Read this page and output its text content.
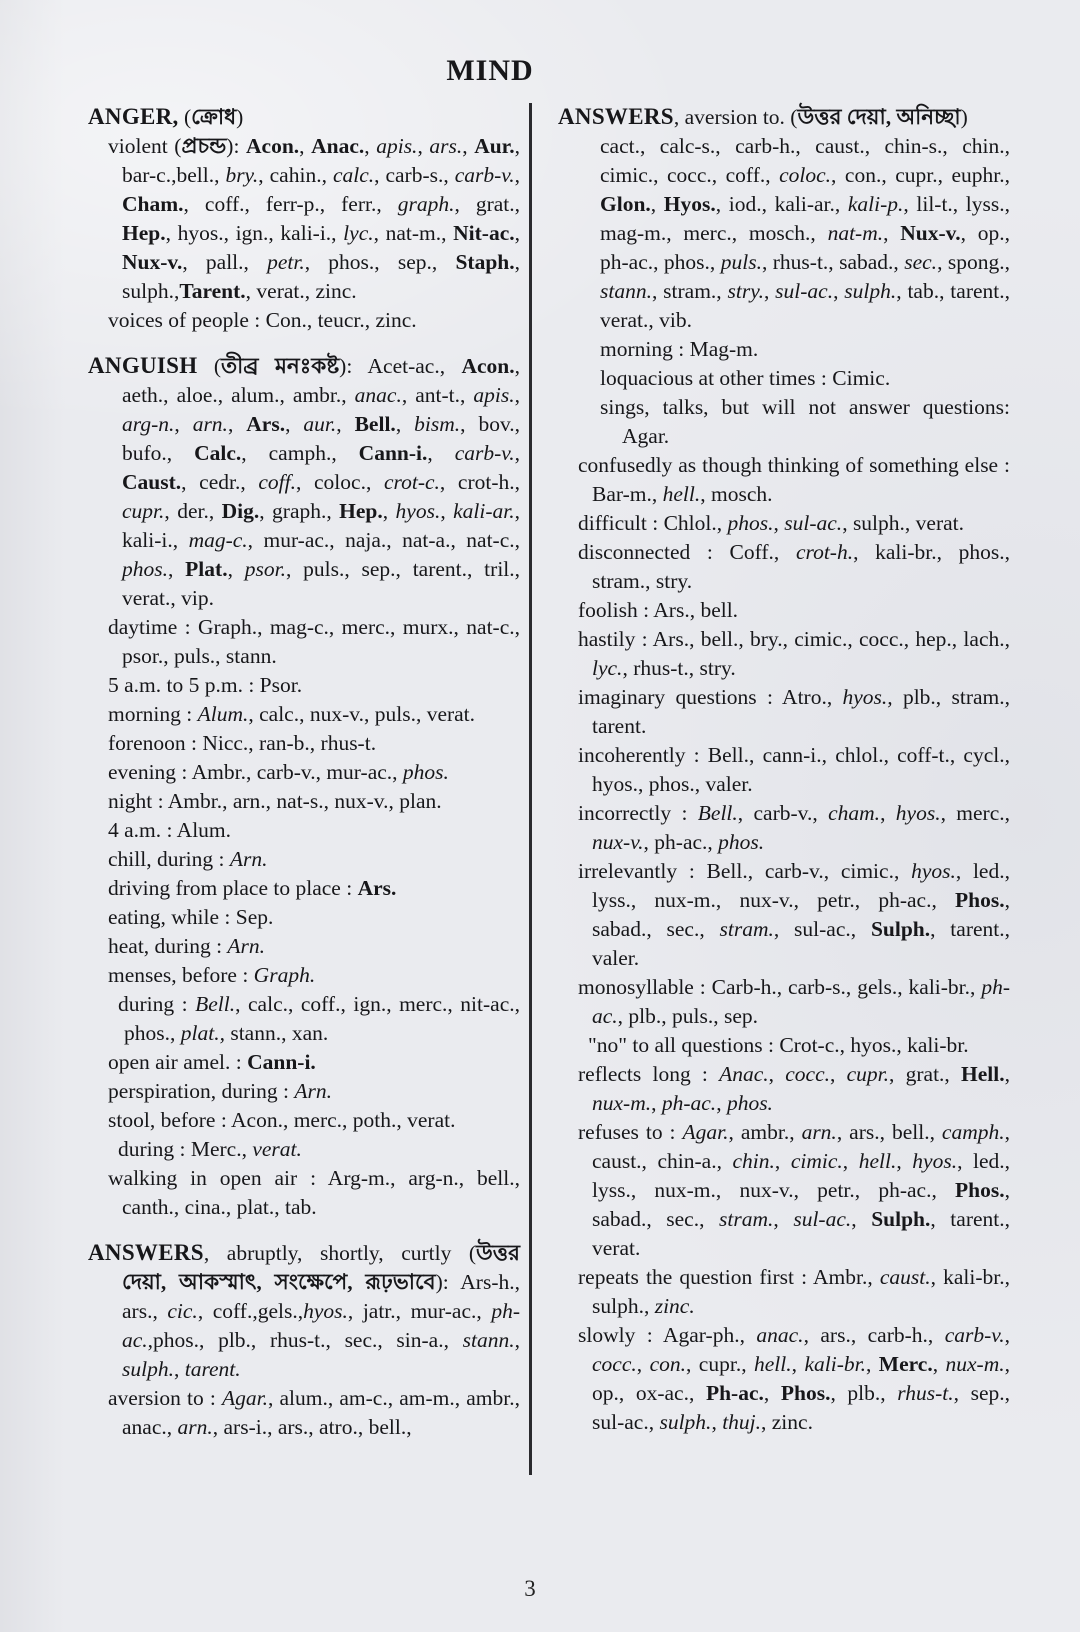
MIND

ANGER, (ক্রোধ)

violent (প্রচন্ড): Acon., Anac., apis., ars., Aur., bar-c.,bell., bry., cahin., calc., carb-s., carb-v., Cham., coff., ferr-p., ferr., graph., grat., Hep., hyos., ign., kali-i., lyc., nat-m., Nit-ac., Nux-v., pall., petr., phos., sep., Staph., sulph.,Tarent., verat., zinc.

voices of people : Con., teucr., zinc.

ANGUISH (তীব্র মনঃকষ্ট): Acet-ac., Acon., aeth., aloe., alum., ambr., anac., ant-t., apis., arg-n., arn., Ars., aur., Bell., bism., bov., bufo., Calc., camph., Cann-i., carb-v., Caust., cedr., coff., coloc., crot-c., crot-h., cupr., der., Dig., graph., Hep., hyos., kali-ar., kali-i., mag-c., mur-ac., naja., nat-a., nat-c., phos., Plat., psor., puls., sep., tarent., tril., verat., vip.

daytime : Graph., mag-c., merc., murx., nat-c., psor., puls., stann.

5 a.m. to 5 p.m. : Psor.

morning : Alum., calc., nux-v., puls., verat.

forenoon : Nicc., ran-b., rhus-t.

evening : Ambr., carb-v., mur-ac., phos.

night : Ambr., arn., nat-s., nux-v., plan.

4 a.m. : Alum.

chill, during : Arn.

driving from place to place : Ars.

eating, while : Sep.

heat, during : Arn.

menses, before : Graph.

during : Bell., calc., coff., ign., merc., nit-ac., phos., plat., stann., xan.

open air amel. : Cann-i.

perspiration, during : Arn.

stool, before : Acon., merc., poth., verat.

during : Merc., verat.

walking in open air : Arg-m., arg-n., bell., canth., cina., plat., tab.

ANSWERS, abruptly, shortly, curtly (উত্তর দেয়া, আকস্মাৎ, সংক্ষেপে, রূঢ়ভাবে): Ars-h., ars., cic., coff.,gels.,hyos., jatr., mur-ac., ph- ac.,phos., plb., rhus-t., sec., sin-a., stann., sulph., tarent.

aversion to : Agar., alum., am-c., am-m., ambr., anac., arn., ars-i., ars., atro., bell.,

ANSWERS, aversion to. (উত্তর দেয়া, অনিচ্ছা)

cact., calc-s., carb-h., caust., chin-s., chin., cimic., cocc., coff., coloc., con., cupr., euphr., Glon., Hyos., iod., kali-ar., kali-p., lil-t., lyss., mag-m., merc., mosch., nat-m., Nux-v., op., ph-ac., phos., puls., rhus-t., sabad., sec., spong., stann., stram., stry., sul-ac., sulph., tab., tarent., verat., vib.

morning : Mag-m.

loquacious at other times : Cimic.

sings, talks, but will not answer questions: Agar.

confusedly as though thinking of something else : Bar-m., hell., mosch.

difficult : Chlol., phos., sul-ac., sulph., verat.

disconnected : Coff., crot-h., kali-br., phos., stram., stry.

foolish : Ars., bell.

hastily : Ars., bell., bry., cimic., cocc., hep., lach., lyc., rhus-t., stry.

imaginary questions : Atro., hyos., plb., stram., tarent.

incoherently : Bell., cann-i., chlol., coff-t., cycl., hyos., phos., valer.

incorrectly : Bell., carb-v., cham., hyos., merc., nux-v., ph-ac., phos.

irrelevantly : Bell., carb-v., cimic., hyos., led., lyss., nux-m., nux-v., petr., ph-ac., Phos., sabad., sec., stram., sul-ac., Sulph., tarent., valer.

monosyllable : Carb-h., carb-s., gels., kali-br., ph-ac., plb., puls., sep.

"no" to all questions : Crot-c., hyos., kali-br.

reflects long : Anac., cocc., cupr., grat., Hell., nux-m., ph-ac., phos.

refuses to : Agar., ambr., arn., ars., bell., camph., caust., chin-a., chin., cimic., hell., hyos., led., lyss., nux-m., nux-v., petr., ph-ac., Phos., sabad., sec., stram., sul-ac., Sulph., tarent., verat.

repeats the question first : Ambr., caust., kali-br., sulph., zinc.

slowly : Agar-ph., anac., ars., carb-h., carb-v., cocc., con., cupr., hell., kali-br., Merc., nux-m., op., ox-ac., Ph-ac., Phos., plb., rhus-t., sep., sul-ac., sulph., thuj., zinc.

3
